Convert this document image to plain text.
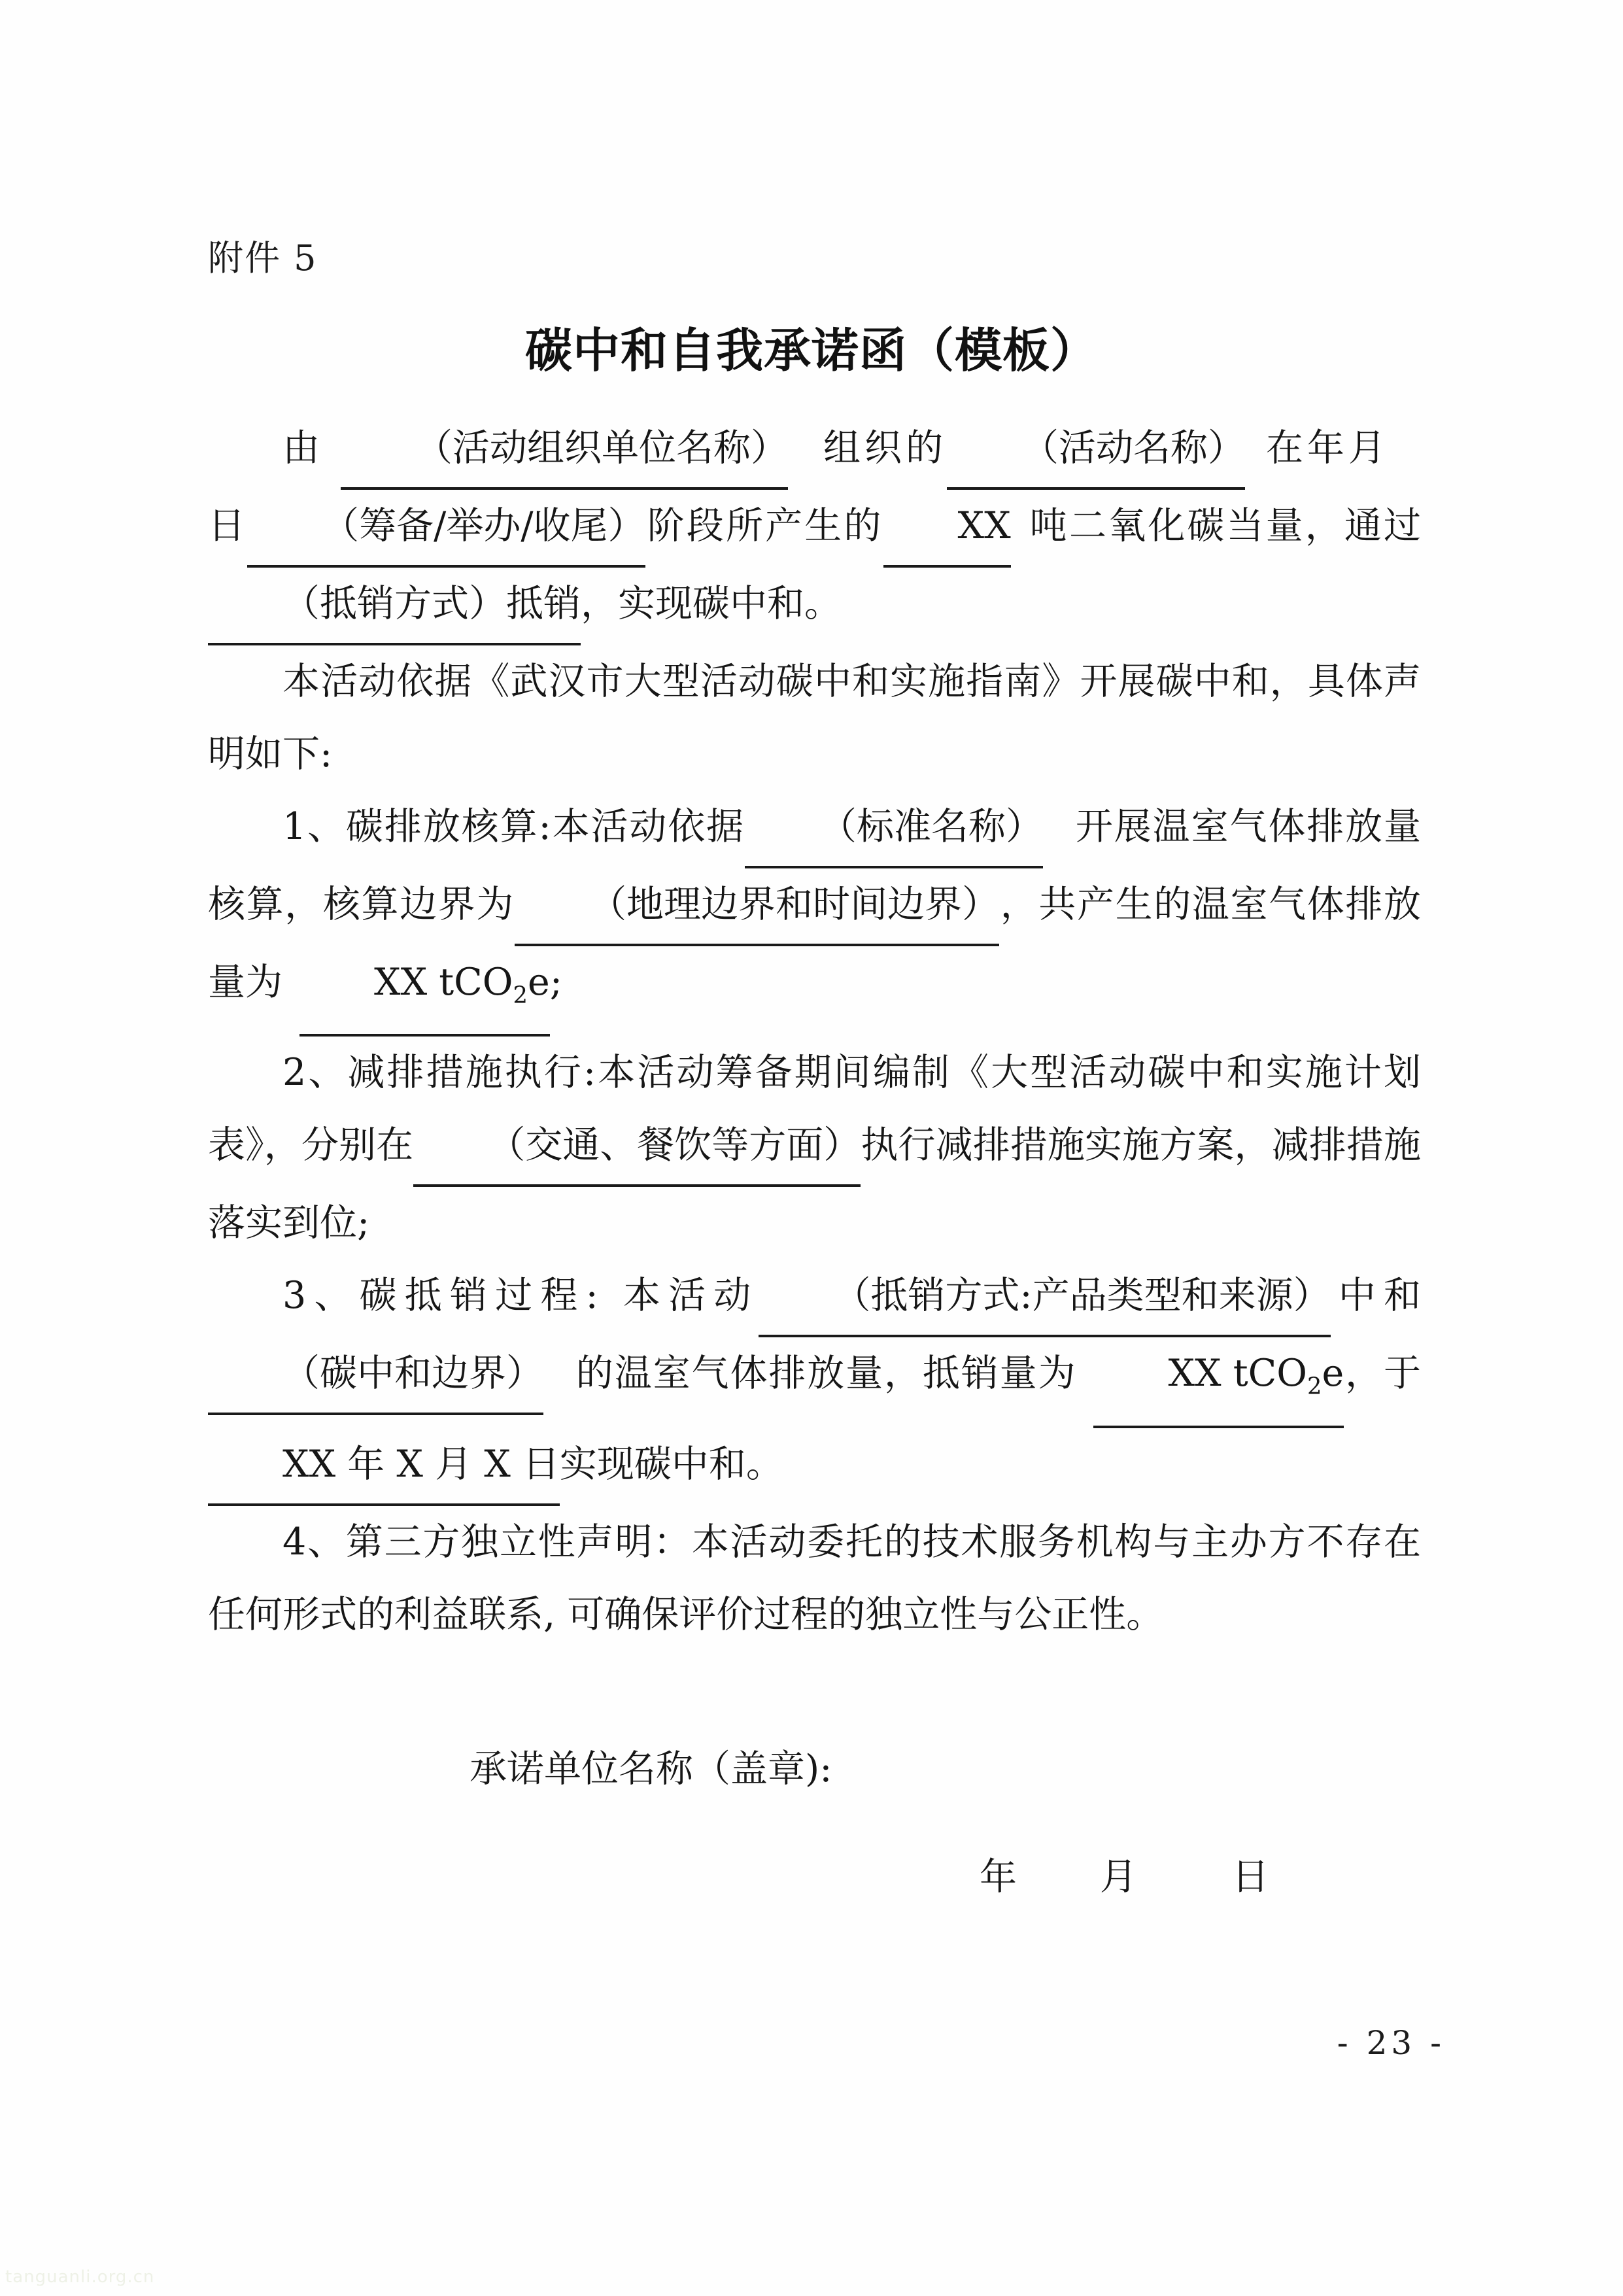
附件 5
碳中和自我承诺函（模板）

由 （活动组织单位名称） 组织的 （活动名称） 在年月日 （筹备/举办/收尾）阶段所产生的 XX 吨二氧化碳当量，通过（抵销方式）抵销，实现碳中和。

本活动依据《武汉市大型活动碳中和实施指南》开展碳中和，具体声明如下:

1、碳排放核算:本活动依据 （标准名称） 开展温室气体排放量核算，核算边界为 （地理边界和时间边界），共产生的温室气体排放量为 XX tCO$_2$e;

2、减排措施执行:本活动筹备期间编制《大型活动碳中和实施计划表》，分别在 （交通、餐饮等方面）执行减排措施实施方案，减排措施落实到位;

3、碳抵销过程: 本活动 （抵销方式:产品类型和来源）中和（碳中和边界） 的温室气体排放量，抵销量为 XX tCO$_2$e，于XX 年 X 月 X 日实现碳中和。

4、第三方独立性声明：本活动委托的技术服务机构与主办方不存在任何形式的利益联系, 可确保评价过程的独立性与公正性。

承诺单位名称（盖章):
年       月        日
- 23 -
tanguanli.org.cn
